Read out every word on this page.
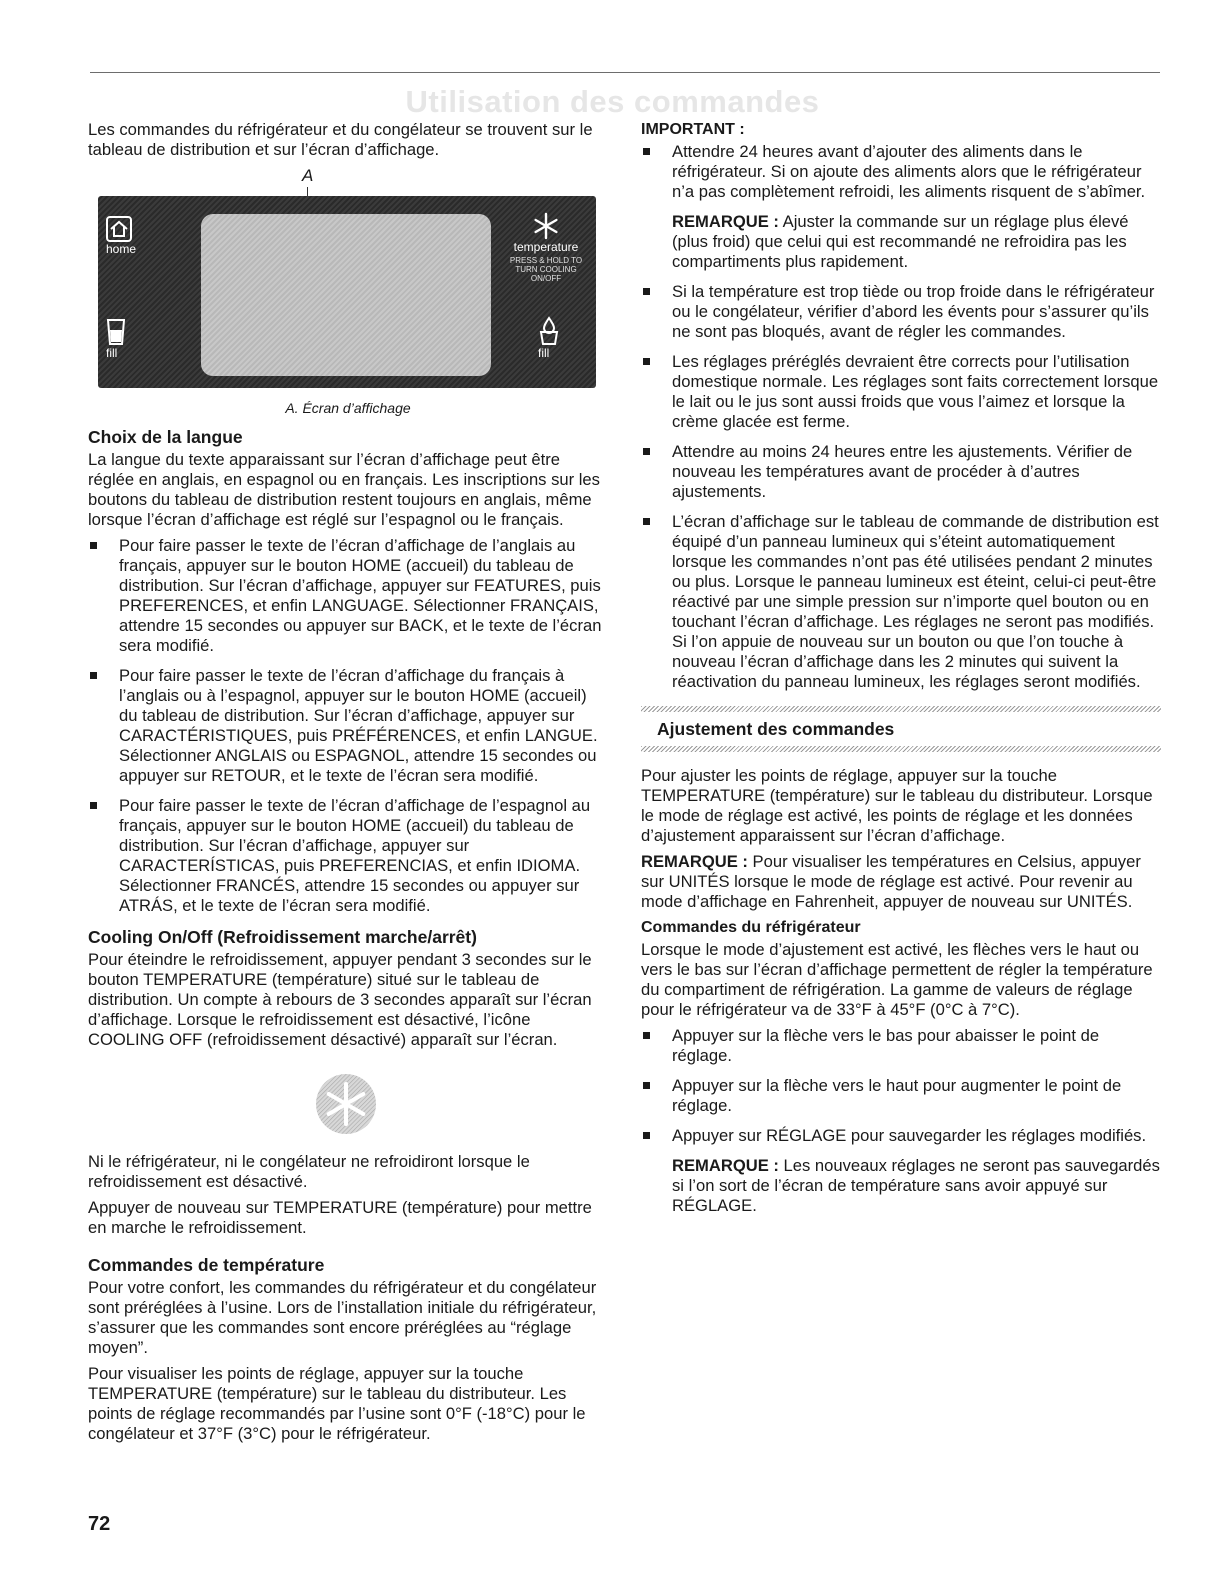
Utilisation des commandes

Les commandes du réfrigérateur et du congélateur se trouvent sur le tableau de distribution et sur l’écran d’affichage.

A
home	temperature
PRESS & HOLD TO TURN COOLING ON/OFF
fill	fill
A. Écran d’affichage
Choix de la langue

La langue du texte apparaissant sur l’écran d’affichage peut être réglée en anglais, en espagnol ou en français. Les inscriptions sur les boutons du tableau de distribution restent toujours en anglais, même lorsque l’écran d’affichage est réglé sur l’espagnol ou le français.

Pour faire passer le texte de l’écran d’affichage de l’anglais au français, appuyer sur le bouton HOME (accueil) du tableau de distribution. Sur l’écran d’affichage, appuyer sur FEATURES, puis PREFERENCES, et enfin LANGUAGE. Sélectionner FRANÇAIS, attendre 15 secondes ou appuyer sur BACK, et le texte de l’écran sera modifié.
Pour faire passer le texte de l’écran d’affichage du français à l’anglais ou à l’espagnol, appuyer sur le bouton HOME (accueil) du tableau de distribution. Sur l’écran d’affichage, appuyer sur CARACTÉRISTIQUES, puis PRÉFÉRENCES, et enfin LANGUE. Sélectionner ANGLAIS ou ESPAGNOL, attendre 15 secondes ou appuyer sur RETOUR, et le texte de l’écran sera modifié.
Pour faire passer le texte de l’écran d’affichage de l’espagnol au français, appuyer sur le bouton HOME (accueil) du tableau de distribution. Sur l’écran d’affichage, appuyer sur CARACTERÍSTICAS, puis PREFERENCIAS, et enfin IDIOMA. Sélectionner FRANCÉS, attendre 15 secondes ou appuyer sur ATRÁS, et le texte de l’écran sera modifié.
Cooling On/Off (Refroidissement marche/arrêt)

Pour éteindre le refroidissement, appuyer pendant 3 secondes sur le bouton TEMPERATURE (température) situé sur le tableau de distribution. Un compte à rebours de 3 secondes apparaît sur l’écran d’affichage. Lorsque le refroidissement est désactivé, l’icône COOLING OFF (refroidissement désactivé) apparaît sur l’écran.

Ni le réfrigérateur, ni le congélateur ne refroidiront lorsque le refroidissement est désactivé.

Appuyer de nouveau sur TEMPERATURE (température) pour mettre en marche le refroidissement.

Commandes de température

Pour votre confort, les commandes du réfrigérateur et du congélateur sont préréglées à l’usine. Lors de l’installation initiale du réfrigérateur, s’assurer que les commandes sont encore préréglées au “réglage moyen”.

Pour visualiser les points de réglage, appuyer sur la touche TEMPERATURE (température) sur le tableau du distributeur. Les points de réglage recommandés par l’usine sont 0°F (-18°C) pour le congélateur et 37°F (3°C) pour le réfrigérateur.

IMPORTANT :
Attendre 24 heures avant d’ajouter des aliments dans le réfrigérateur. Si on ajoute des aliments alors que le réfrigérateur n’a pas complètement refroidi, les aliments risquent de s’abîmer.

REMARQUE : Ajuster la commande sur un réglage plus élevé (plus froid) que celui qui est recommandé ne refroidira pas les compartiments plus rapidement.

Si la température est trop tiède ou trop froide dans le réfrigérateur ou le congélateur, vérifier d’abord les évents pour s’assurer qu’ils ne sont pas bloqués, avant de régler les commandes.
Les réglages préréglés devraient être corrects pour l’utilisation domestique normale. Les réglages sont faits correctement lorsque le lait ou le jus sont aussi froids que vous l’aimez et lorsque la crème glacée est ferme.
Attendre au moins 24 heures entre les ajustements. Vérifier de nouveau les températures avant de procéder à d’autres ajustements.
L’écran d’affichage sur le tableau de commande de distribution est équipé d’un panneau lumineux qui s’éteint automatiquement lorsque les commandes n’ont pas été utilisées pendant 2 minutes ou plus. Lorsque le panneau lumineux est éteint, celui-ci peut-être réactivé par une simple pression sur n’importe quel bouton ou en touchant l’écran d’affichage. Les réglages ne seront pas modifiés. Si l’on appuie de nouveau sur un bouton ou que l’on touche à nouveau l’écran d’affichage dans les 2 minutes qui suivent la réactivation du panneau lumineux, les réglages seront modifiés.
Ajustement des commandes

Pour ajuster les points de réglage, appuyer sur la touche TEMPERATURE (température) sur le tableau du distributeur. Lorsque le mode de réglage est activé, les points de réglage et les données d’ajustement apparaissent sur l’écran d’affichage.

REMARQUE : Pour visualiser les températures en Celsius, appuyer sur UNITÉS lorsque le mode de réglage est activé. Pour revenir au mode d’affichage en Fahrenheit, appuyer de nouveau sur UNITÉS.

Commandes du réfrigérateur

Lorsque le mode d’ajustement est activé, les flèches vers le haut ou vers le bas sur l’écran d’affichage permettent de régler la température du compartiment de réfrigération. La gamme de valeurs de réglage pour le réfrigérateur va de 33°F à 45°F (0°C à 7°C).

Appuyer sur la flèche vers le bas pour abaisser le point de réglage.
Appuyer sur la flèche vers le haut pour augmenter le point de réglage.
Appuyer sur RÉGLAGE pour sauvegarder les réglages modifiés.

REMARQUE : Les nouveaux réglages ne seront pas sauvegardés si l’on sort de l’écran de température sans avoir appuyé sur RÉGLAGE.

72
